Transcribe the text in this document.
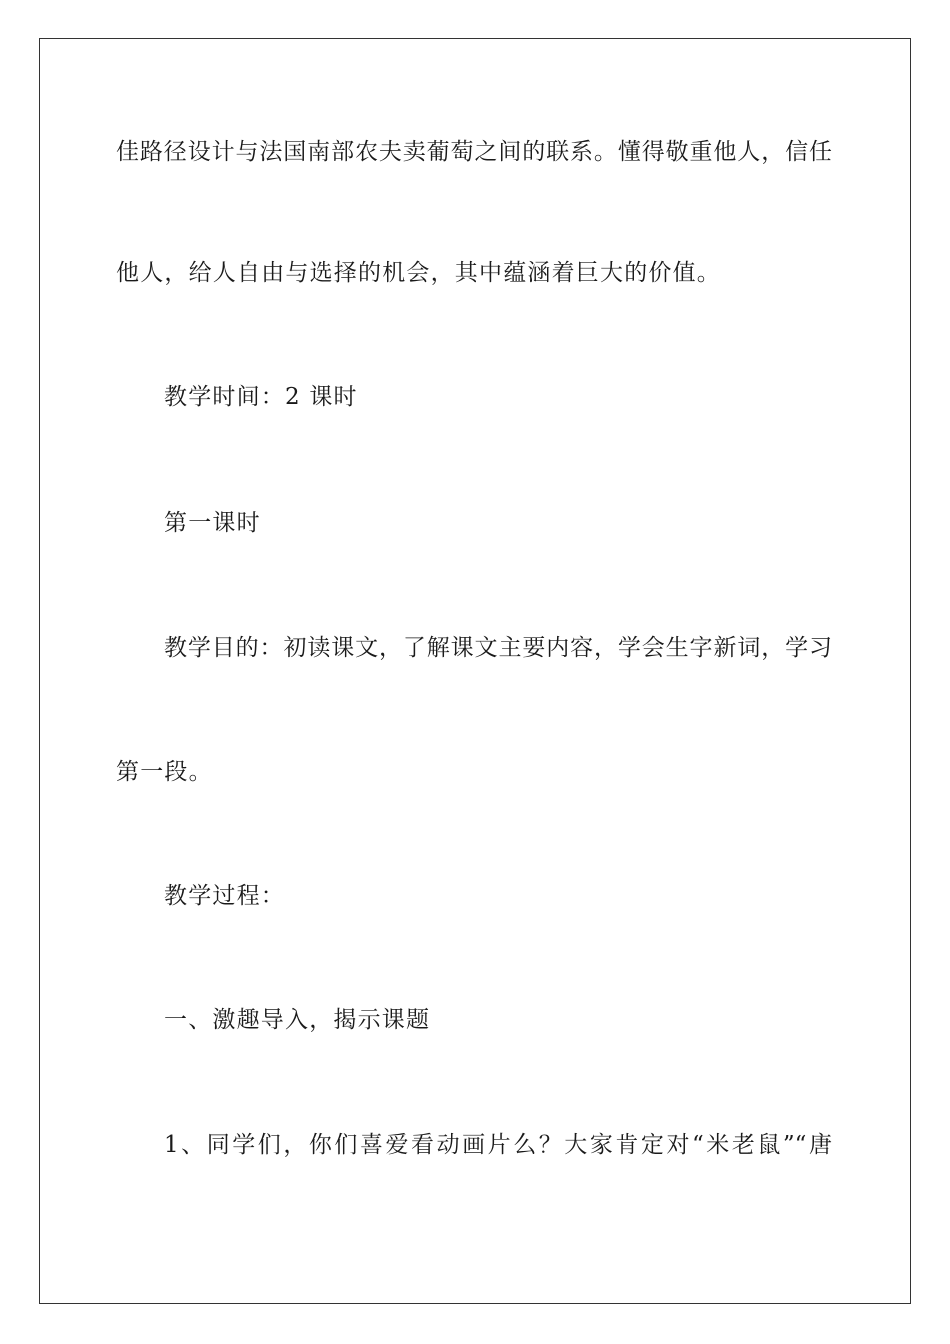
佳路径设计与法国南部农夫卖葡萄之间的联系。懂得敬重他人，信任
他人，给人自由与选择的机会，其中蕴涵着巨大的价值。
教学时间：2 课时
第一课时
教学目的：初读课文，了解课文主要内容，学会生字新词，学习
第一段。
教学过程：
一、激趣导入，揭示课题
1、同学们，你们喜爱看动画片么？大家肯定对“米老鼠”“唐
